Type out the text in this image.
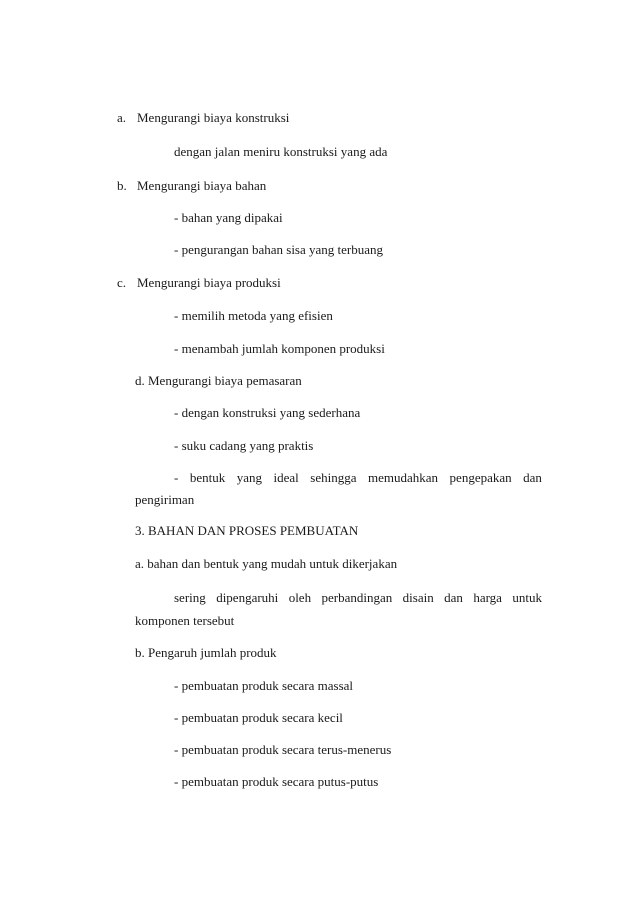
a. Mengurangi biaya konstruksi
dengan jalan meniru konstruksi yang ada
b. Mengurangi biaya bahan
- bahan yang dipakai
- pengurangan bahan sisa yang terbuang
c. Mengurangi biaya produksi
- memilih metoda yang efisien
- menambah jumlah komponen produksi
d. Mengurangi biaya pemasaran
- dengan konstruksi yang sederhana
- suku cadang yang praktis
- bentuk yang ideal sehingga memudahkan pengepakan dan
pengiriman
3. BAHAN DAN PROSES PEMBUATAN
a. bahan dan bentuk yang mudah untuk dikerjakan
sering dipengaruhi oleh perbandingan disain dan harga untuk
komponen tersebut
b. Pengaruh jumlah produk
- pembuatan produk secara massal
- pembuatan produk secara kecil
- pembuatan produk secara terus-menerus
- pembuatan produk secara putus-putus
